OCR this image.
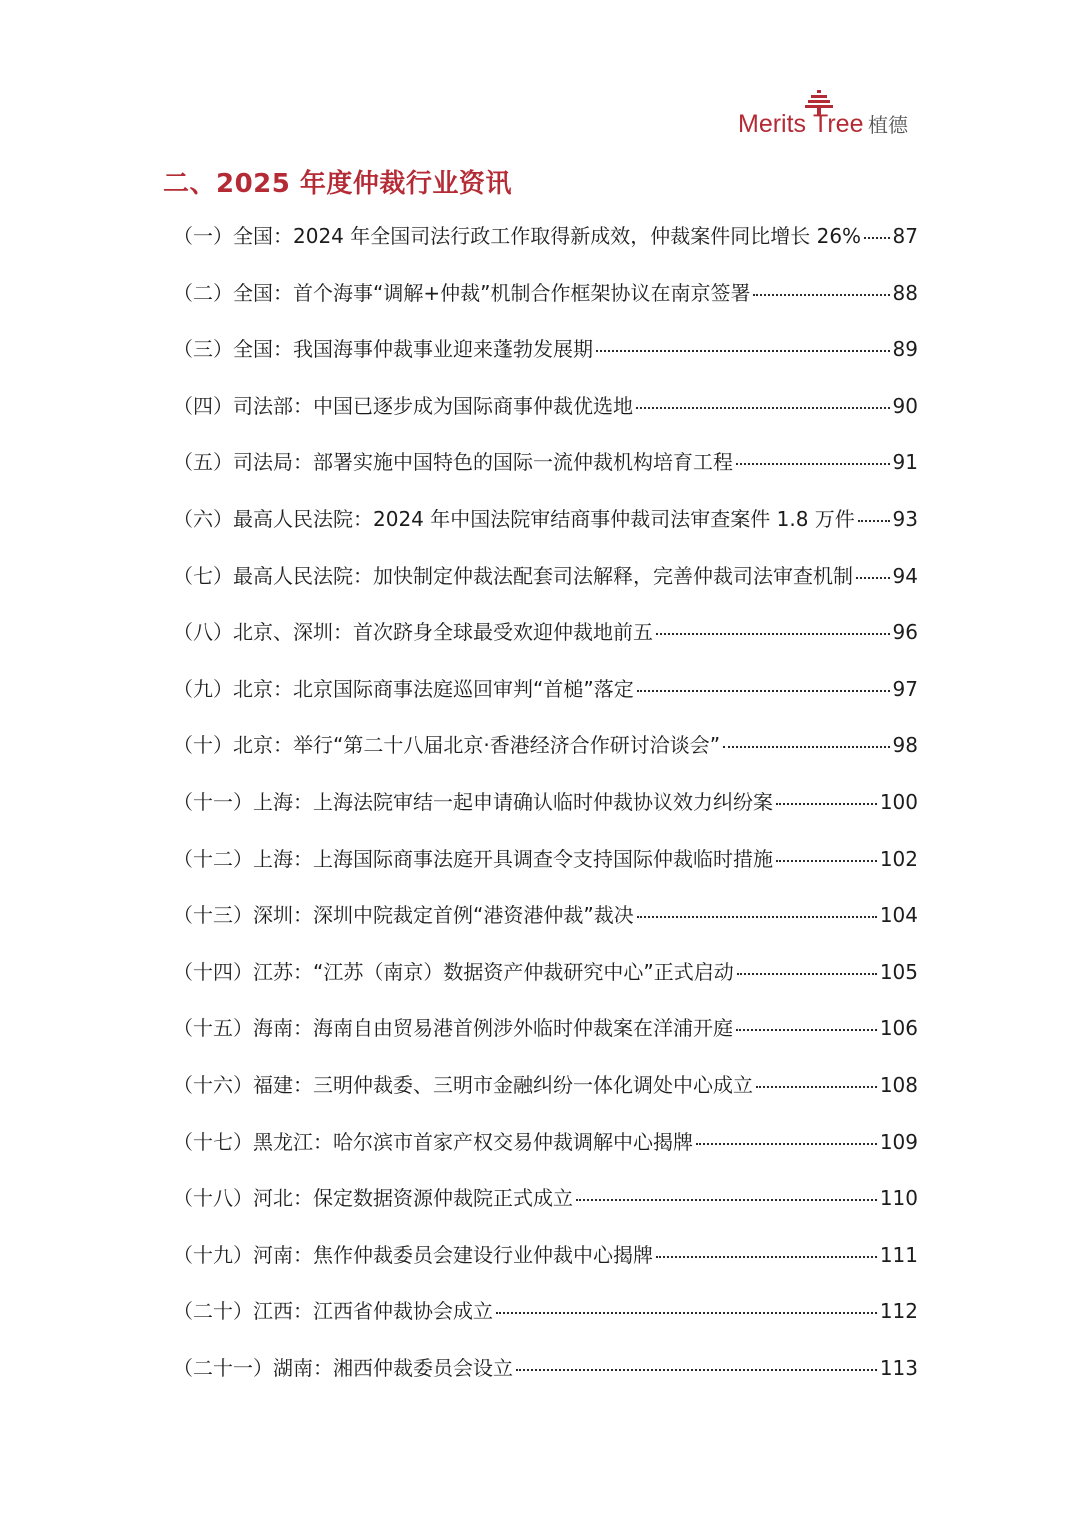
Merits Tree 植德
二、2025 年度仲裁行业资讯
（一）全国：2024 年全国司法行政工作取得新成效，仲裁案件同比增长 26% 87
（二）全国：首个海事“调解+仲裁”机制合作框架协议在南京签署	88
（三）全国：我国海事仲裁事业迎来蓬勃发展期	89
（四）司法部：中国已逐步成为国际商事仲裁优选地	90
（五）司法局：部署实施中国特色的国际一流仲裁机构培育工程	91
（六）最高人民法院：2024 年中国法院审结商事仲裁司法审查案件 1.8 万件 93
（七）最高人民法院：加快制定仲裁法配套司法解释，完善仲裁司法审查机制 94
（八）北京、深圳：首次跻身全球最受欢迎仲裁地前五	96
（九）北京：北京国际商事法庭巡回审判“首槌”落定	97
（十）北京：举行“第二十八届北京·香港经济合作研讨洽谈会”	98
（十一）上海：上海法院审结一起申请确认临时仲裁协议效力纠纷案	100
（十二）上海：上海国际商事法庭开具调查令支持国际仲裁临时措施	102
（十三）深圳：深圳中院裁定首例“港资港仲裁”裁决	104
（十四）江苏：“江苏（南京）数据资产仲裁研究中心”正式启动	105
（十五）海南：海南自由贸易港首例涉外临时仲裁案在洋浦开庭	106
（十六）福建：三明仲裁委、三明市金融纠纷一体化调处中心成立	108
（十七）黑龙江：哈尔滨市首家产权交易仲裁调解中心揭牌	109
（十八）河北：保定数据资源仲裁院正式成立	110
（十九）河南：焦作仲裁委员会建设行业仲裁中心揭牌	111
（二十）江西：江西省仲裁协会成立	112
（二十一）湖南：湘西仲裁委员会设立	113
